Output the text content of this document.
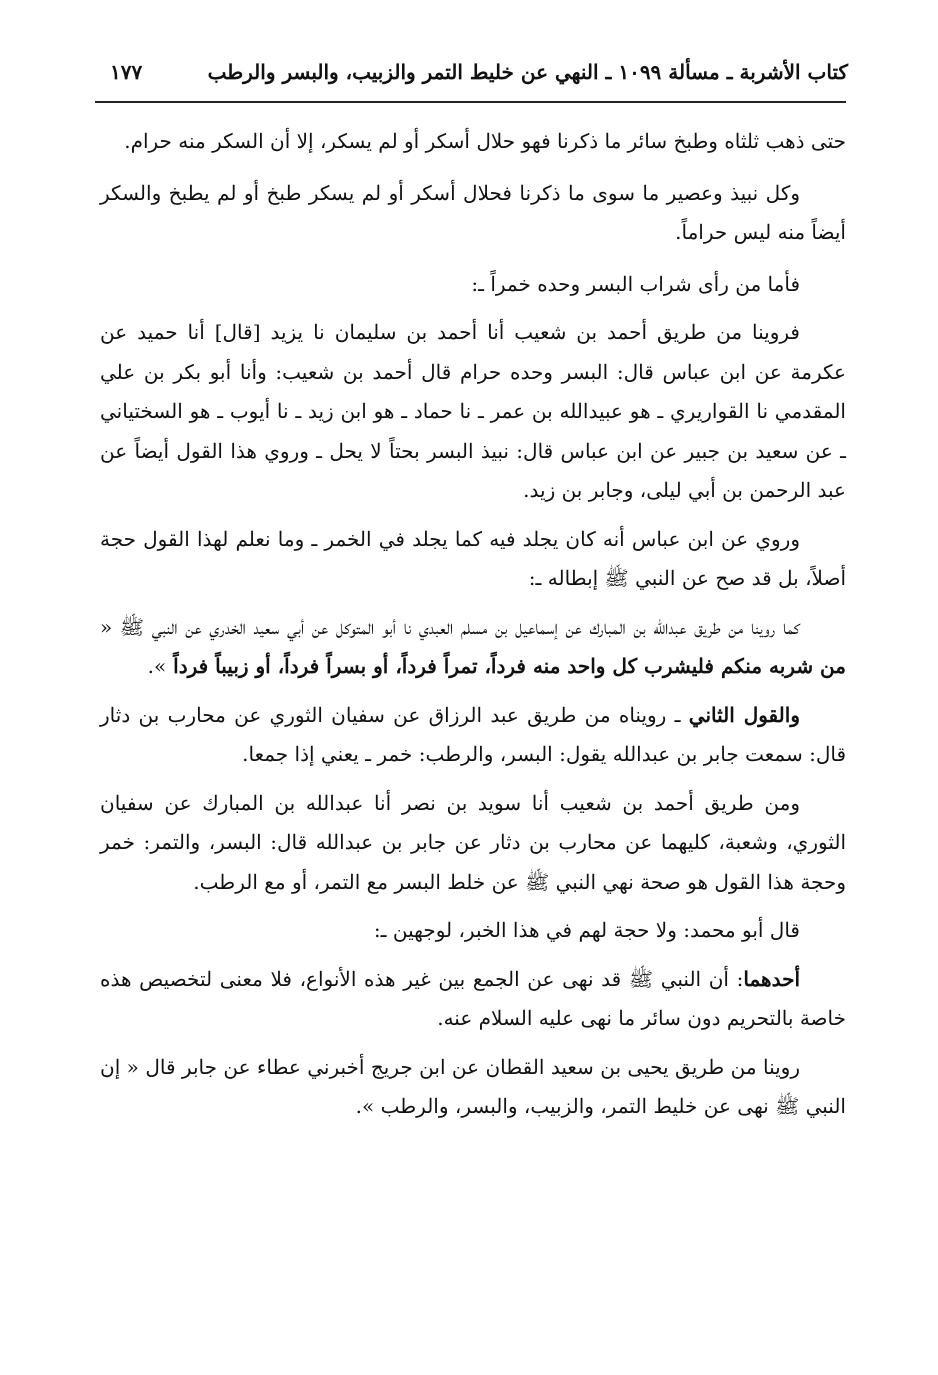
كتاب الأشربة ـ مسألة ١٠٩٩ ـ النهي عن خليط التمر والزبيب، والبسر والرطب
١٧٧

حتى ذهب ثلثاه وطبخ سائر ما ذكرنا فهو حلال أسكر أو لم يسكر، إلا أن السكر منه حرام.

وكل نبيذ وعصير ما سوى ما ذكرنا فحلال أسكر أو لم يسكر طبخ أو لم يطبخ والسكر أيضاً منه ليس حراماً.

فأما من رأى شراب البسر وحده خمراً ـ:

فروينا من طريق أحمد بن شعيب أنا أحمد بن سليمان نا يزيد [قال] أنا حميد عن عكرمة عن ابن عباس قال: البسر وحده حرام قال أحمد بن شعيب: وأنا أبو بكر بن علي المقدمي نا القواريري ـ هو عبيدالله بن عمر ـ نا حماد ـ هو ابن زيد ـ نا أيوب ـ هو السختياني ـ عن سعيد بن جبير عن ابن عباس قال: نبيذ البسر بحتاً لا يحل ـ وروي هذا القول أيضاً عن عبد الرحمن بن أبي ليلى، وجابر بن زيد.

وروي عن ابن عباس أنه كان يجلد فيه كما يجلد في الخمر ـ وما نعلم لهذا القول حجة أصلاً، بل قد صح عن النبي ﷺ إبطاله ـ:

كما روينا من طريق عبدالله بن المبارك عن إسماعيل بن مسلم العبدي نا أبو المتوكل عن أبي سعيد الخدري عن النبي ﷺ « من شربه منكم فليشرب كل واحد منه فرداً، تمراً فرداً، أو بسراً فرداً، أو زبيباً فرداً ».

والقول الثاني ـ رويناه من طريق عبد الرزاق عن سفيان الثوري عن محارب بن دثار قال: سمعت جابر بن عبدالله يقول: البسر، والرطب: خمر ـ يعني إذا جمعا.

ومن طريق أحمد بن شعيب أنا سويد بن نصر أنا عبدالله بن المبارك عن سفيان الثوري، وشعبة، كليهما عن محارب بن دثار عن جابر بن عبدالله قال: البسر، والتمر: خمر وحجة هذا القول هو صحة نهي النبي ﷺ عن خلط البسر مع التمر، أو مع الرطب.

قال أبو محمد: ولا حجة لهم في هذا الخبر، لوجهين ـ:

أحدهما: أن النبي ﷺ قد نهى عن الجمع بين غير هذه الأنواع، فلا معنى لتخصيص هذه خاصة بالتحريم دون سائر ما نهى عليه السلام عنه.

روينا من طريق يحيى بن سعيد القطان عن ابن جريج أخبرني عطاء عن جابر قال « إن النبي ﷺ نهى عن خليط التمر، والزبيب، والبسر، والرطب ».
